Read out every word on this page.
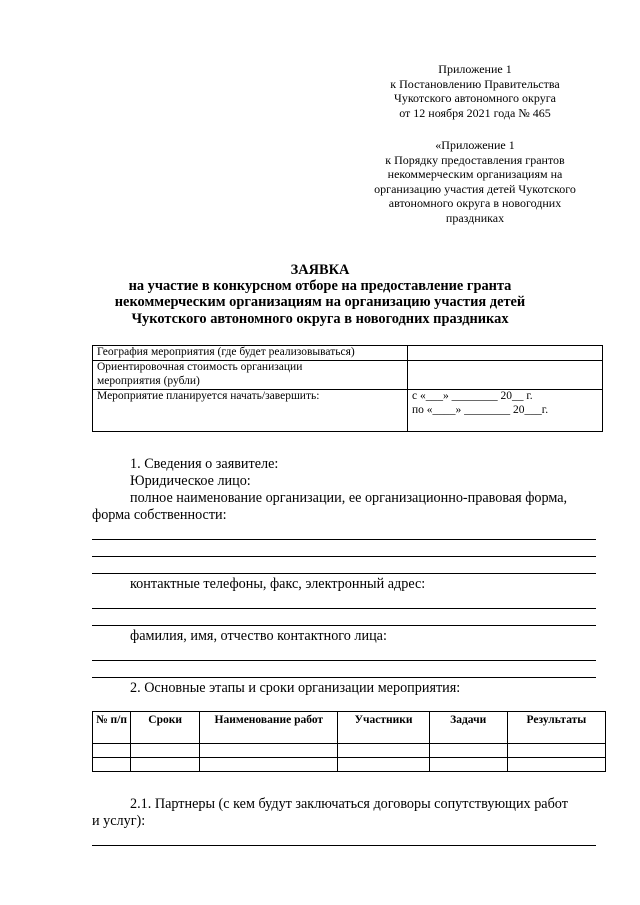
Приложение 1
к Постановлению Правительства
Чукотского автономного округа
от 12 ноября 2021 года № 465
«Приложение 1
к Порядку предоставления грантов
некоммерческим организациям на
организацию участия детей Чукотского
автономного округа в новогодних
праздниках
ЗАЯВКА
на участие в конкурсном отборе на предоставление гранта
некоммерческим организациям на организацию участия детей
Чукотского автономного округа в новогодних праздниках
География мероприятия (где будет реализовываться)	

Ориентировочная стоимость организации
мероприятия (рубли)	

Мероприятие планируется начать/завершить:	с «___» ________ 20__ г.
по «____» ________ 20___г.
1. Сведения о заявителе:
Юридическое лицо:
полное наименование организации, ее организационно-правовая форма,
форма собственности:
контактные телефоны, факс, электронный адрес:
фамилия, имя, отчество контактного лица:
2. Основные этапы и сроки организации мероприятия:
№ п/п	Сроки	Наименование работ	Участники	Задачи	Результаты

2.1. Партнеры (с кем будут заключаться договоры сопутствующих работ
и услуг):
